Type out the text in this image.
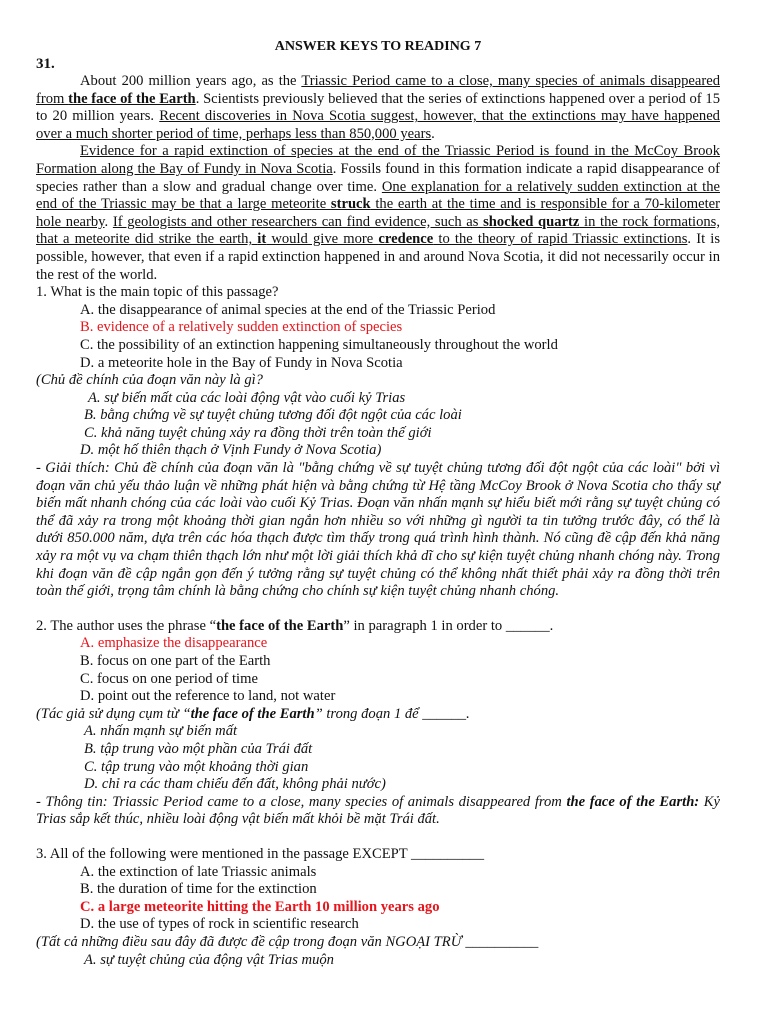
ANSWER KEYS TO READING 7
31.

About 200 million years ago, as the Triassic Period came to a close, many species of animals disappeared from the face of the Earth. Scientists previously believed that the series of extinctions happened over a period of 15 to 20 million years. Recent discoveries in Nova Scotia suggest, however, that the extinctions may have happened over a much shorter period of time, perhaps less than 850,000 years.

Evidence for a rapid extinction of species at the end of the Triassic Period is found in the McCoy Brook Formation along the Bay of Fundy in Nova Scotia. Fossils found in this formation indicate a rapid disappearance of species rather than a slow and gradual change over time. One explanation for a relatively sudden extinction at the end of the Triassic may be that a large meteorite struck the earth at the time and is responsible for a 70-kilometer hole nearby. If geologists and other researchers can find evidence, such as shocked quartz in the rock formations, that a meteorite did strike the earth, it would give more credence to the theory of rapid Triassic extinctions. It is possible, however, that even if a rapid extinction happened in and around Nova Scotia, it did not necessarily occur in the rest of the world.

1. What is the main topic of this passage?
A. the disappearance of animal species at the end of the Triassic Period
B. evidence of a relatively sudden extinction of species
C. the possibility of an extinction happening simultaneously throughout the world
D. a meteorite hole in the Bay of Fundy in Nova Scotia
(Chủ đề chính của đoạn văn này là gì?
A. sự biến mất của các loài động vật vào cuối kỷ Trias
B. bằng chứng về sự tuyệt chủng tương đối đột ngột của các loài
C. khả năng tuyệt chủng xảy ra đồng thời trên toàn thế giới
D. một hố thiên thạch ở Vịnh Fundy ở Nova Scotia)

- Giải thích: Chủ đề chính của đoạn văn là "bằng chứng về sự tuyệt chủng tương đối đột ngột của các loài" bởi vì đoạn văn chủ yếu thảo luận về những phát hiện và bằng chứng từ Hệ tầng McCoy Brook ở Nova Scotia cho thấy sự biến mất nhanh chóng của các loài vào cuối Kỷ Trias. Đoạn văn nhấn mạnh sự hiểu biết mới rằng sự tuyệt chủng có thể đã xảy ra trong một khoảng thời gian ngắn hơn nhiều so với những gì người ta tin tưởng trước đây, có thể là dưới 850.000 năm, dựa trên các hóa thạch được tìm thấy trong quá trình hình thành. Nó cũng đề cập đến khả năng xảy ra một vụ va chạm thiên thạch lớn như một lời giải thích khả dĩ cho sự kiện tuyệt chủng nhanh chóng này. Trong khi đoạn văn đề cập ngắn gọn đến ý tưởng rằng sự tuyệt chủng có thể không nhất thiết phải xảy ra đồng thời trên toàn thế giới, trọng tâm chính là bằng chứng cho chính sự kiện tuyệt chủng nhanh chóng.

2. The author uses the phrase “the face of the Earth” in paragraph 1 in order to ______.
A. emphasize the disappearance
B. focus on one part of the Earth
C. focus on one period of time
D. point out the reference to land, not water
(Tác giả sử dụng cụm từ “the face of the Earth” trong đoạn 1 để ______.
A. nhấn mạnh sự biến mất
B. tập trung vào một phần của Trái đất
C. tập trung vào một khoảng thời gian
D. chỉ ra các tham chiếu đến đất, không phải nước)

- Thông tin: Triassic Period came to a close, many species of animals disappeared from the face of the Earth: Kỷ Trias sắp kết thúc, nhiều loài động vật biến mất khỏi bề mặt Trái đất.

3. All of the following were mentioned in the passage EXCEPT __________
A. the extinction of late Triassic animals
B. the duration of time for the extinction
C. a large meteorite hitting the Earth 10 million years ago
D. the use of types of rock in scientific research
(Tất cả những điều sau đây đã được đề cập trong đoạn văn NGOẠI TRỪ __________
A. sự tuyệt chủng của động vật Trias muộn
